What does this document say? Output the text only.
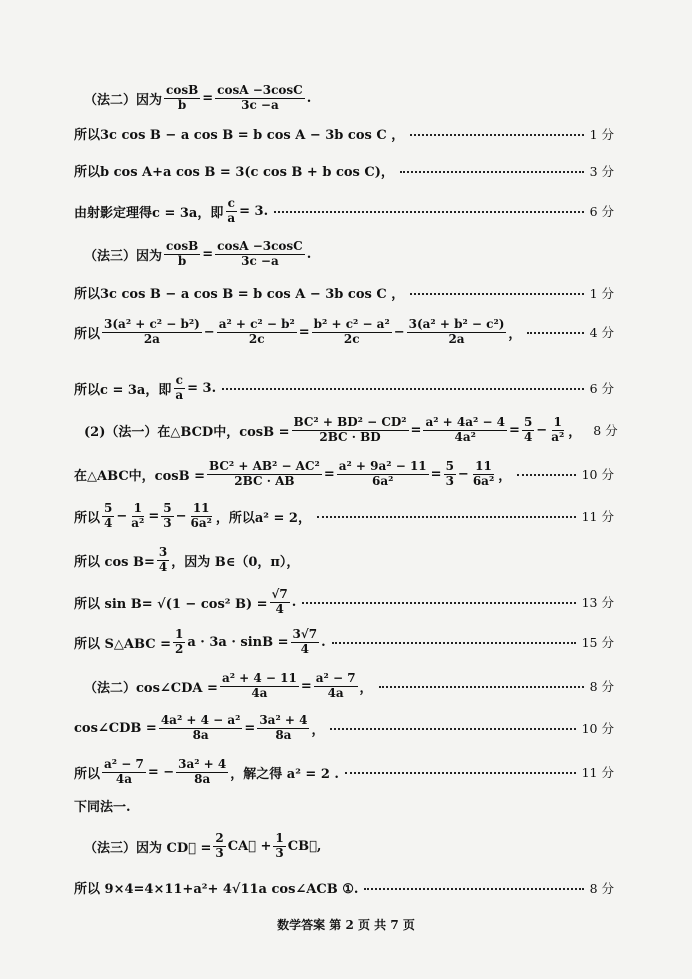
（法二）因为 $\frac{\cos B}{b} = \frac{\cos A -3\cos C}{3c -a}$ .
所以3c cos B − a cos B = b cos A − 3b cos C ，	1 分
所以b cos A+a cos B = 3(c cos B + b cos C)，	3 分
由射影定理得c = 3a，即 $\frac{c}{a} = 3$.	6 分
（法三）因为 $\frac{\cos B}{b} = \frac{\cos A -3\cos C}{3c -a}$ .
所以3c cos B − a cos B = b cos A − 3b cos C ，	1 分
所以 $\frac{\text{3(a² + c² − b²)}}{2a} - \frac{\text{a² + c² − b²}}{2c} = \frac{\text{b² + c² − a²}}{2c} - \frac{\text{3(a² + b² − c²)}}{2a}$ ，	4 分
所以c = 3a，即 $\frac{c}{a} = 3$.	6 分
(2)（法一）在△BCD中，$\cos B = \frac{\text{BC² + BD² − CD²}}{2BC \cdot BD} = \frac{\text{a² + 4a² − 4}}{\text{4a²}} = \frac{5}{4} - \frac{1}{\text{a²}}$ ， 8 分
在△ABC中，$\cos B = \frac{\text{BC² + AB² − AC²}}{2BC \cdot AB} = \frac{\text{a² + 9a² − 11}}{\text{6a²}} = \frac{5}{3} - \frac{11}{\text{6a²}}$ ，	10 分
所以 $\frac{5}{4} - \frac{1}{\text{a²}} = \frac{5}{3} - \frac{11}{\text{6a²}}$ ，所以a² = 2，	11 分
所以 $\cos B= \frac{3}{4}$ ，因为 B∈（0，π），
所以 sin B= √(1 − cos² $B) = \frac{√7}{4}$ .	13 分
所以 S△ABC = $\frac{1}{2}$ $a \cdot 3a \cdot \sin B = \frac{3√7}{4}$ .	15 分
（法二）cos∠CDA = $\frac{\text{a² + 4 − 11}}{4a} = \frac{\text{a² − 7}}{4a}$ ，	8 分
cos∠CDB = $\frac{\text{4a² + 4 − a²}}{8a} = \frac{\text{3a² + 4}}{8a}$ ，	10 分
所以 $\frac{\text{a² − 7}}{4a}$ = − $\frac{\text{3a² + 4}}{8a}$ ，解之得 a² = 2 .	11 分
下同法一.
（法三）因为 CD⃗ = $\frac{2}{3}$ CA⃗ + $\frac{1}{3}$ CB⃗,
所以 9×4=4×11+a²+ 4√11a cos∠ACB ①.	8 分
数学答案 第 2 页 共 7 页
